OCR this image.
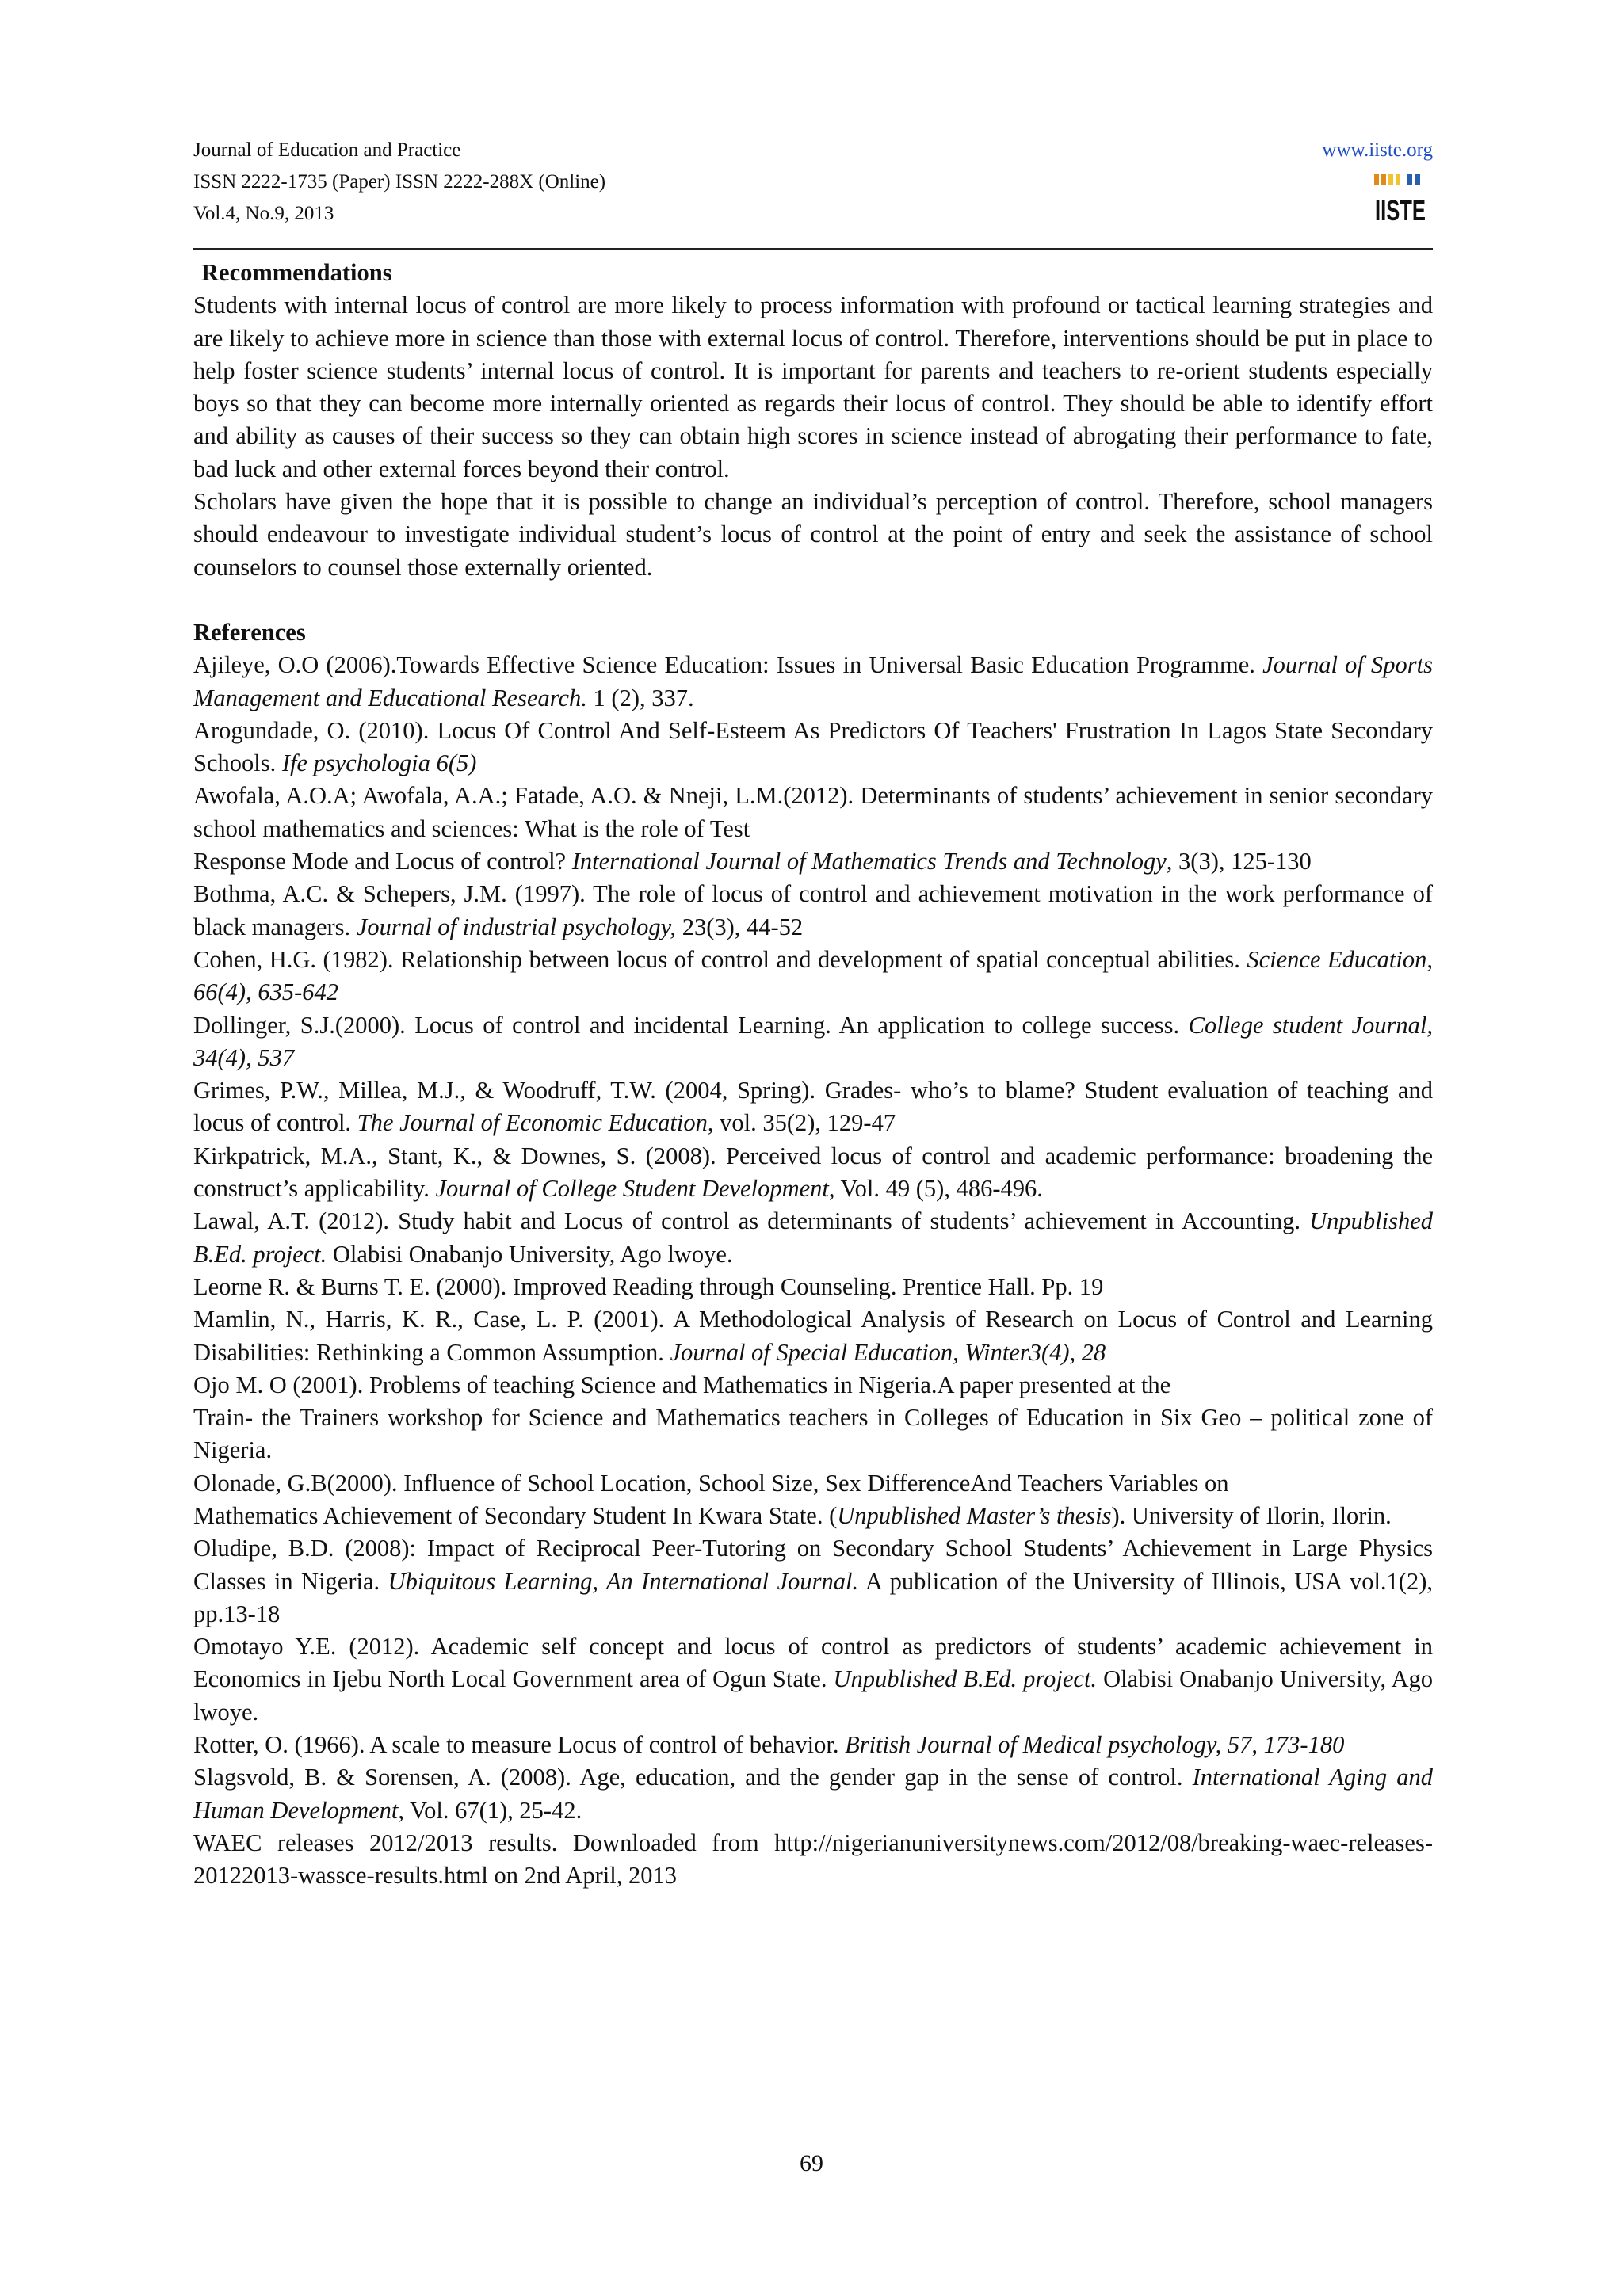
Journal of Education and Practice
ISSN 2222-1735 (Paper) ISSN 2222-288X (Online)
Vol.4, No.9, 2013
www.iiste.org
IISTE

Recommendations

Students with internal locus of control are more likely to process information with profound or tactical learning strategies and are likely to achieve more in science than those with external locus of control. Therefore, interventions should be put in place to help foster science students’ internal locus of control. It is important for parents and teachers to re-orient students especially boys so that they can become more internally oriented as regards their locus of control. They should be able to identify effort and ability as causes of their success so they can obtain high scores in science instead of abrogating their performance to fate, bad luck and other external forces beyond their control.

Scholars have given the hope that it is possible to change an individual’s perception of control. Therefore, school managers should endeavour to investigate individual student’s locus of control at the point of entry and seek the assistance of school counselors to counsel those externally oriented.

References

Ajileye, O.O (2006).Towards Effective Science Education: Issues in Universal Basic Education Programme. Journal of Sports Management and Educational Research. 1 (2), 337.

Arogundade, O. (2010). Locus Of Control And Self-Esteem As Predictors Of Teachers' Frustration In Lagos State Secondary Schools. Ife psychologia 6(5)

Awofala, A.O.A; Awofala, A.A.; Fatade, A.O. & Nneji, L.M.(2012). Determinants of students’ achievement in senior secondary school mathematics and sciences: What is the role of Test

Response Mode and Locus of control? International Journal of Mathematics Trends and Technology, 3(3), 125-130

Bothma, A.C. & Schepers, J.M. (1997). The role of locus of control and achievement motivation in the work performance of black managers. Journal of industrial psychology, 23(3), 44-52

Cohen, H.G. (1982). Relationship between locus of control and development of spatial conceptual abilities. Science Education, 66(4), 635-642

Dollinger, S.J.(2000). Locus of control and incidental Learning. An application to college success. College student Journal, 34(4), 537

Grimes, P.W., Millea, M.J., & Woodruff, T.W. (2004, Spring). Grades- who’s to blame? Student evaluation of teaching and locus of control. The Journal of Economic Education, vol. 35(2), 129-47

Kirkpatrick, M.A., Stant, K., & Downes, S. (2008). Perceived locus of control and academic performance: broadening the construct’s applicability. Journal of College Student Development, Vol. 49 (5), 486-496.

Lawal, A.T. (2012). Study habit and Locus of control as determinants of students’ achievement in Accounting. Unpublished B.Ed. project. Olabisi Onabanjo University, Ago lwoye.

Leorne R. & Burns T. E. (2000). Improved Reading through Counseling. Prentice Hall. Pp. 19

Mamlin, N., Harris, K. R., Case, L. P. (2001). A Methodological Analysis of Research on Locus of Control and Learning Disabilities: Rethinking a Common Assumption. Journal of Special Education, Winter3(4), 28

Ojo M. O (2001). Problems of teaching Science and Mathematics in Nigeria.A paper presented at the

Train- the Trainers workshop for Science and Mathematics teachers in Colleges of Education in Six Geo – political zone of Nigeria.

Olonade, G.B(2000). Influence of School Location, School Size, Sex DifferenceAnd Teachers Variables on

Mathematics Achievement of Secondary Student In Kwara State. (Unpublished Master’s thesis). University of Ilorin, Ilorin.

Oludipe, B.D. (2008): Impact of Reciprocal Peer-Tutoring on Secondary School Students’ Achievement in Large Physics Classes in Nigeria. Ubiquitous Learning, An International Journal. A publication of the University of Illinois, USA vol.1(2), pp.13-18

Omotayo Y.E. (2012). Academic self concept and locus of control as predictors of students’ academic achievement in Economics in Ijebu North Local Government area of Ogun State. Unpublished B.Ed. project. Olabisi Onabanjo University, Ago lwoye.

Rotter, O. (1966). A scale to measure Locus of control of behavior. British Journal of Medical psychology, 57, 173-180

Slagsvold, B. & Sorensen, A. (2008). Age, education, and the gender gap in the sense of control. International Aging and Human Development, Vol. 67(1), 25-42.

WAEC releases 2012/2013 results. Downloaded from http://nigerianuniversitynews.com/2012/08/breaking-waec-releases-20122013-wassce-results.html on 2nd April, 2013

69
